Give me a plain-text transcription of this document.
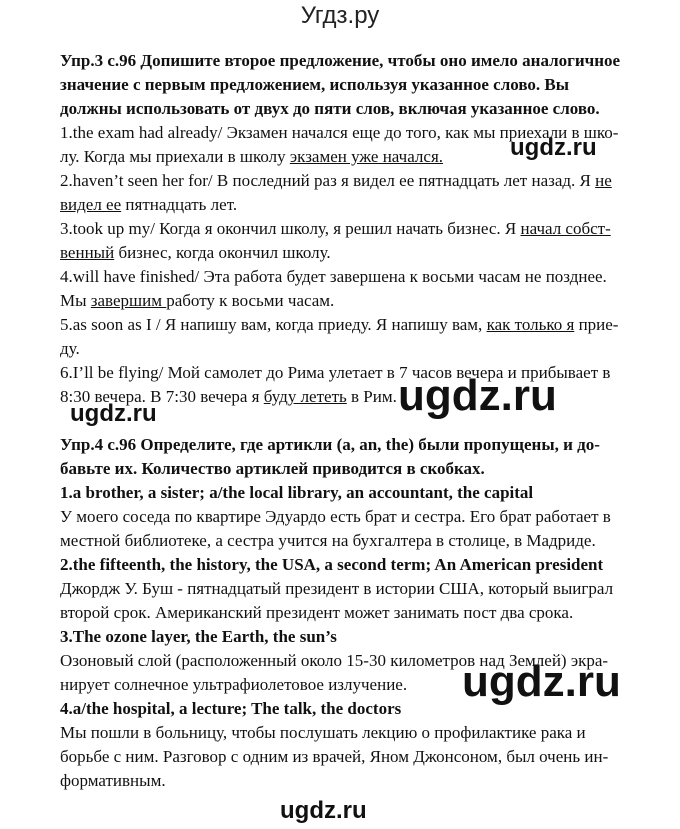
Угдз.ру
ugdz.ru
ugdz.ru
ugdz.ru
ugdz.ru
ugdz.ru
Упр.3 с.96 Допишите второе предложение, чтобы оно имело аналогичное
значение с первым предложением, используя указанное слово. Вы
должны использовать от двух до пяти слов, включая указанное слово.
1.the exam had already/ Экзамен начался еще до того, как мы приехали в шко-
лу. Когда мы приехали в школу экзамен уже начался.
2.haven’t seen her for/ В последний раз я видел ее пятнадцать лет назад. Я не
видел ее пятнадцать лет.
3.took up my/ Когда я окончил школу, я решил начать бизнес. Я начал собст-
венный бизнес, когда окончил школу.
4.will have finished/ Эта работа будет завершена к восьми часам не позднее.
Мы завершим работу к восьми часам.
5.as soon as I / Я напишу вам, когда приеду. Я напишу вам, как только я прие-
ду.
6.I’ll be flying/ Мой самолет до Рима улетает в 7 часов вечера и прибывает в
8:30 вечера. В 7:30 вечера я буду лететь в Рим.
Упр.4 с.96 Определите, где артикли (a, an, the) были пропущены, и до-
бавьте их. Количество артиклей приводится в скобках.
1.a brother, a sister; a/the local library, an accountant, the capital
У моего соседа по квартире Эдуардо есть брат и сестра. Его брат работает в
местной библиотеке, а сестра учится на бухгалтера в столице, в Мадриде.
2.the fifteenth, the history, the USA, a second term; An American president
Джордж У. Буш - пятнадцатый президент в истории США, который выиграл
второй срок. Американский президент может занимать пост два срока.
3.The ozone layer, the Earth, the sun’s
Озоновый слой (расположенный около 15-30 километров над Землей) экра-
нирует солнечное ультрафиолетовое излучение.
4.a/the hospital, a lecture; The talk, the doctors
Мы пошли в больницу, чтобы послушать лекцию о профилактике рака и
борьбе с ним. Разговор с одним из врачей, Яном Джонсоном, был очень ин-
формативным.
